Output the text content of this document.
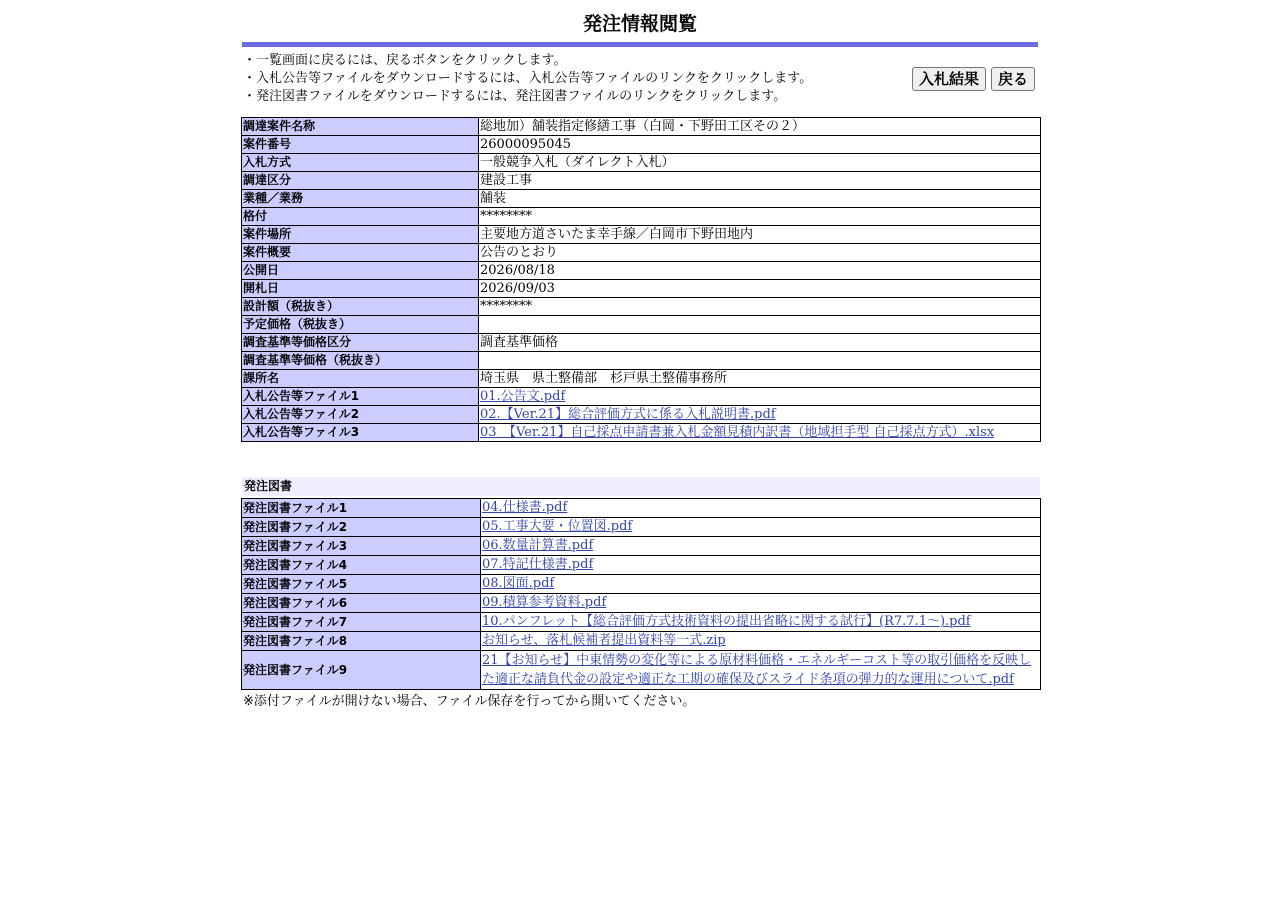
発注情報閲覧
・一覧画面に戻るには、戻るボタンをクリックします。
・入札公告等ファイルをダウンロードするには、入札公告等ファイルのリンクをクリックします。
・発注図書ファイルをダウンロードするには、発注図書ファイルのリンクをクリックします。
入札結果	戻る
調達案件名称	総地加）舗装指定修繕工事（白岡・下野田工区その２）
案件番号	26000095045
入札方式	一般競争入札（ダイレクト入札）
調達区分	建設工事
業種／業務	舗装
格付	********
案件場所	主要地方道さいたま幸手線／白岡市下野田地内
案件概要	公告のとおり
公開日	2026/08/18
開札日	2026/09/03
設計額（税抜き）	********
予定価格（税抜き）	
調査基準等価格区分	調査基準価格
調査基準等価格（税抜き）	
課所名	埼玉県　県土整備部　杉戸県土整備事務所
入札公告等ファイル1	01.公告文.pdf
入札公告等ファイル2	02.【Ver.21】総合評価方式に係る入札説明書.pdf
入札公告等ファイル3	03　【Ver.21】自己採点申請書兼入札金額見積内訳書（地域担手型 自己採点方式）.xlsx
発注図書
発注図書ファイル1	04.仕様書.pdf
発注図書ファイル2	05.工事大要・位置図.pdf
発注図書ファイル3	06.数量計算書.pdf
発注図書ファイル4	07.特記仕様書.pdf
発注図書ファイル5	08.図面.pdf
発注図書ファイル6	09.積算参考資料.pdf
発注図書ファイル7	10.パンフレット【総合評価方式技術資料の提出省略に関する試行】(R7.7.1～).pdf
発注図書ファイル8	お知らせ、落札候補者提出資料等一式.zip
発注図書ファイル9	21【お知らせ】中東情勢の変化等による原材料価格・エネルギーコスト等の取引価格を反映した適正な請負代金の設定や適正な工期の確保及びスライド条項の弾力的な運用について.pdf
※添付ファイルが開けない場合、ファイル保存を行ってから開いてください。
